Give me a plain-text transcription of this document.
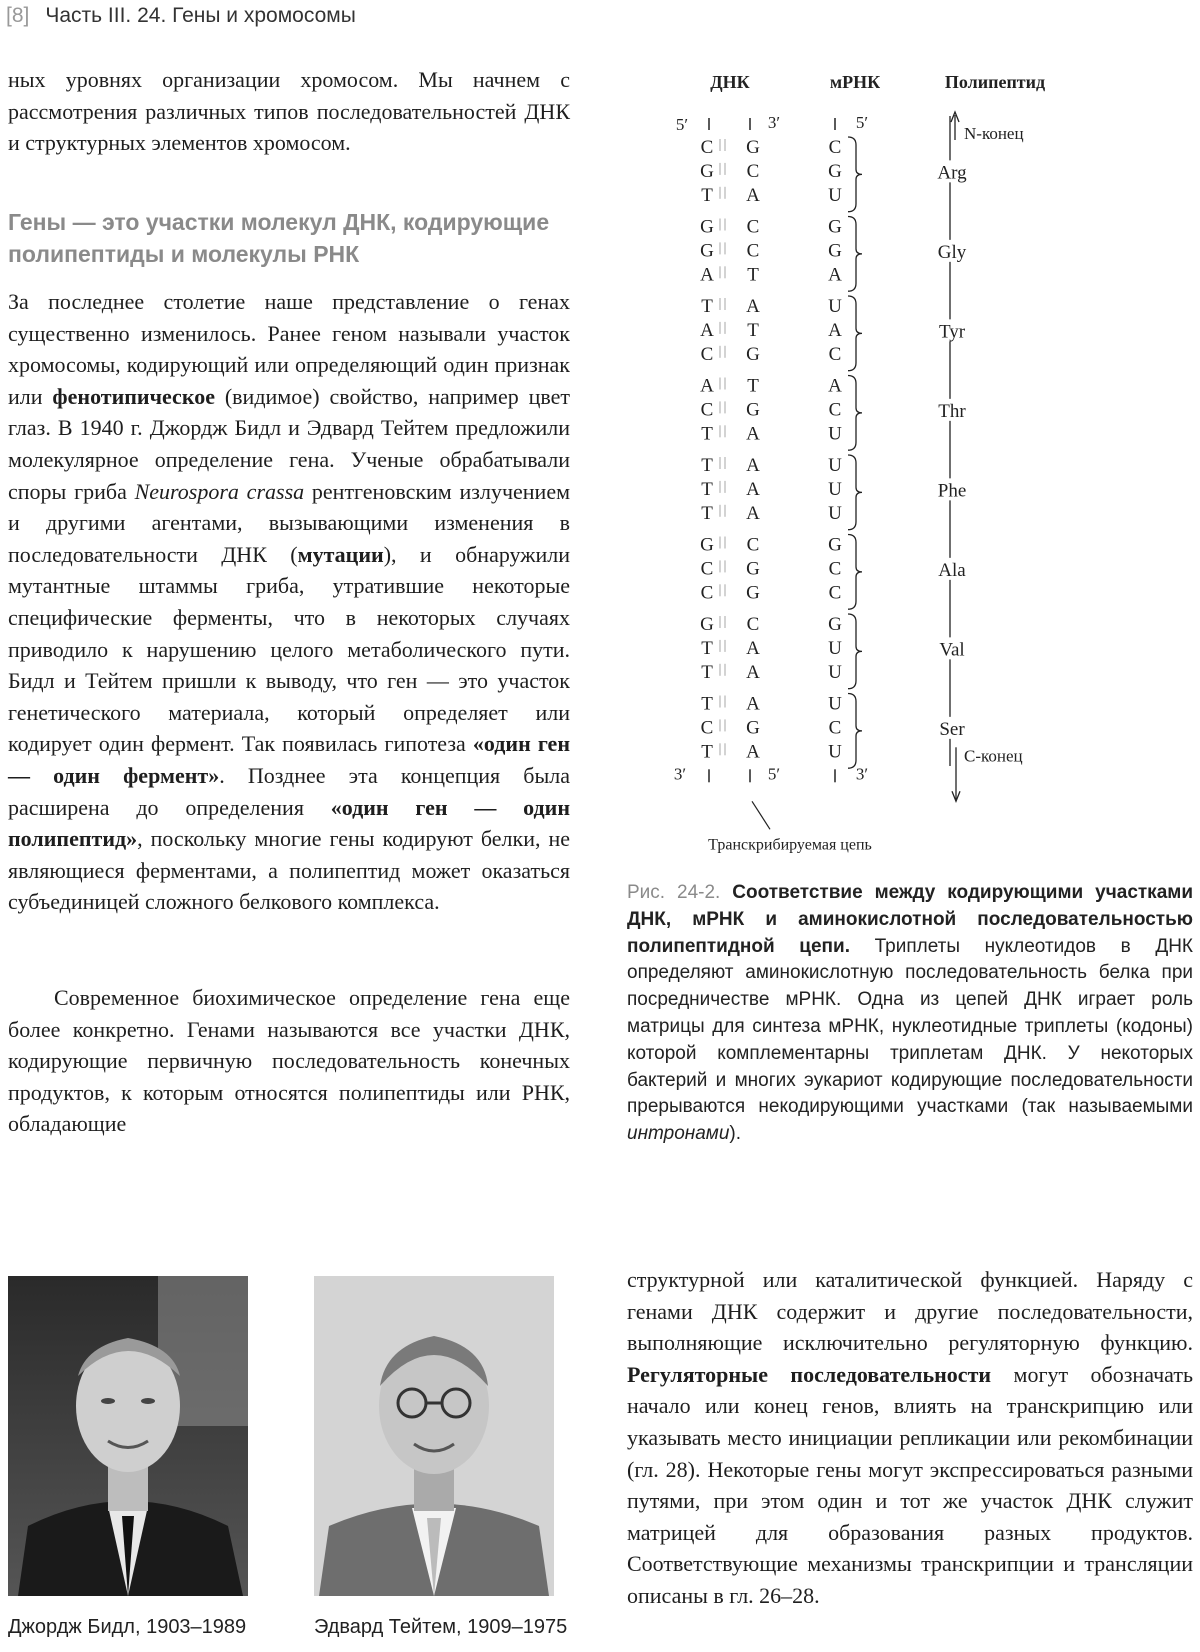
[8] Часть III. 24. Гены и хромосомы

ных уровнях организации хромосом. Мы начнем с рассмотрения различных типов последовательностей ДНК и структурных элементов хромосом.

Гены — это участки молекул ДНК, кодирующие полипептиды и молекулы РНК

За последнее столетие наше представление о генах существенно изменилось. Ранее геном называли участок хромосомы, кодирующий или определяющий один признак или фенотипическое (видимое) свойство, например цвет глаз. В 1940 г. Джордж Бидл и Эдвард Тейтем предложили молекулярное определение гена. Ученые обрабатывали споры гриба Neurospora crassa рентгеновским излучением и другими агентами, вызывающими изменения в последовательности ДНК (мутации), и обнаружили мутантные штаммы гриба, утратившие некоторые специфические ферменты, что в некоторых случаях приводило к нарушению целого метаболического пути. Бидл и Тейтем пришли к выводу, что ген — это участок генетического материала, который определяет или кодирует один фермент. Так появилась гипотеза «один ген — один фермент». Позднее эта концепция была расширена до определения «один ген — один полипептид», поскольку многие гены кодируют белки, не являющиеся ферментами, а полипептид может оказаться субъединицей сложного белкового комплекса.

Современное биохимическое определение гена еще более конкретно. Генами называются все участки ДНК, кодирующие первичную последовательность конечных продуктов, к которым относятся полипептиды или РНК, обладающие

ДНК	мРНК	Полипептид
5′	3′	5′
N-конец
C G	C
G C	G
T A	U
Arg
G C	G
G C	G
A T	A
Gly
T A	U
A T	A
C G	C
Tyr
A T	A
C G	C
T A	U
Thr
T A	U
T A	U
T A	U
Phe
G C	G
C G	C
C G	C
Ala
G C	G
T A	U
T A	U
Val
T A	U
C G	C
T A	U
Ser
3′	5′	3′
C-конец
Транскрибируемая цепь
Рис. 24-2. Соответствие между кодирующими участками ДНК, мРНК и аминокислотной последовательностью полипептидной цепи. Триплеты нуклеотидов в ДНК определяют аминокислотную последовательность белка при посредничестве мРНК. Одна из цепей ДНК играет роль матрицы для синтеза мРНК, нуклеотидные триплеты (кодоны) которой комплементарны триплетам ДНК. У некоторых бактерий и многих эукариот кодирующие последовательности прерываются некодирующими участками (так называемыми интронами).
Джордж Бидл, 1903–1989	Эдвард Тейтем, 1909–1975

структурной или каталитической функцией. Наряду с генами ДНК содержит и другие последовательности, выполняющие исключительно регуляторную функцию. Регуляторные последовательности могут обозначать начало или конец генов, влиять на транскрипцию или указывать место инициации репликации или рекомбинации (гл. 28). Некоторые гены могут экспрессироваться разными путями, при этом один и тот же участок ДНК служит матрицей для образования разных продуктов. Соответствующие механизмы транскрипции и трансляции описаны в гл. 26–28.
